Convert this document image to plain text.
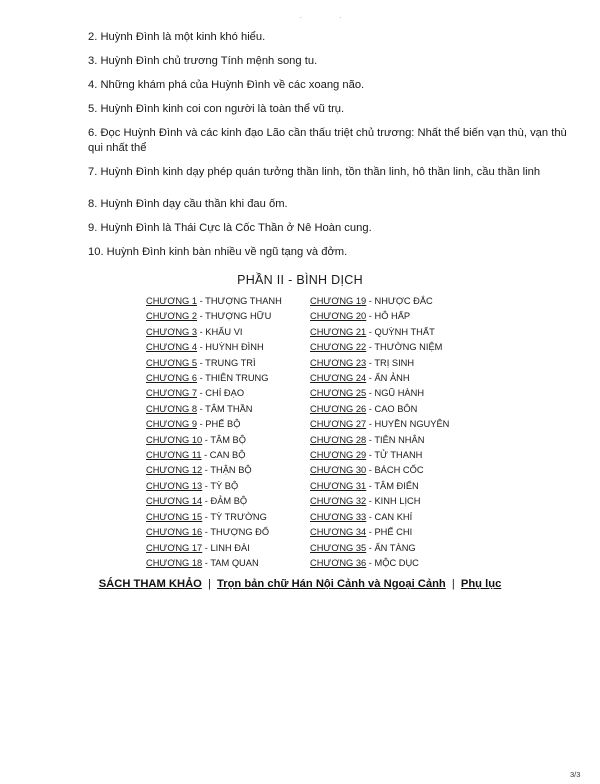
. .
2. Huỳnh Đình là một kinh khó hiểu.
3. Huỳnh Đình chủ trương Tính mệnh song tu.
4. Những khám phá của Huỳnh Đình về các xoang não.
5. Huỳnh Đình kinh coi con người là toàn thể vũ trụ.
6. Đọc Huỳnh Đình và các kinh đạo Lão cần thấu triệt chủ trương: Nhất thể biến vạn thù, vạn thù qui nhất thể
7. Huỳnh Đình kinh dạy phép quán tưởng thần linh, tồn thần linh, hô thần linh, cầu thần linh
8. Huỳnh Đình dạy cầu thần khi đau ốm.
9. Huỳnh Đình là Thái Cực là Cốc Thần ở Nê Hoàn cung.
10. Huỳnh Đình kinh bàn nhiều về ngũ tạng và đởm.
PHẦN II - BÌNH DỊCH
CHƯƠNG 1 - THƯỢNG THANH
CHƯƠNG 2 - THƯỢNG HỮU
CHƯƠNG 3 - KHẨU VI
CHƯƠNG 4 - HUỲNH ĐÌNH
CHƯƠNG 5 - TRUNG TRÌ
CHƯƠNG 6 - THIÊN TRUNG
CHƯƠNG 7 - CHÍ ĐẠO
CHƯƠNG 8 - TÂM THẦN
CHƯƠNG 9 - PHẾ BỘ
CHƯƠNG 10 - TÂM BỘ
CHƯƠNG 11 - CAN BỘ
CHƯƠNG 12 - THẬN BỘ
CHƯƠNG 13 - TỲ BỘ
CHƯƠNG 14 - ĐẢM BỘ
CHƯƠNG 15 - TỲ TRƯỜNG
CHƯƠNG 16 - THƯỢNG ĐỔ
CHƯƠNG 17 - LINH ĐÀI
CHƯƠNG 18 - TAM QUAN
CHƯƠNG 19 - NHƯỢC ĐẮC
CHƯƠNG 20 - HÔ HẤP
CHƯƠNG 21 - QUỲNH THẤT
CHƯƠNG 22 - THƯỜNG NIỆM
CHƯƠNG 23 - TRỊ SINH
CHƯƠNG 24 - ẨN ẢNH
CHƯƠNG 25 - NGŨ HÀNH
CHƯƠNG 26 - CAO BÔN
CHƯƠNG 27 - HUYỀN NGUYÊN
CHƯƠNG 28 - TIÊN NHÂN
CHƯƠNG 29 - TỬ THANH
CHƯƠNG 30 - BÁCH CỐC
CHƯƠNG 31 - TÂM ĐIỂN
CHƯƠNG 32 - KINH LỊCH
CHƯƠNG 33 - CAN KHÍ
CHƯƠNG 34 - PHẾ CHI
CHƯƠNG 35 - ẨN TÀNG
CHƯƠNG 36 - MỘC DỤC
SÁCH THAM KHẢO | Trọn bản chữ Hán Nội Cảnh và Ngoại Cảnh | Phụ lục
3/3
